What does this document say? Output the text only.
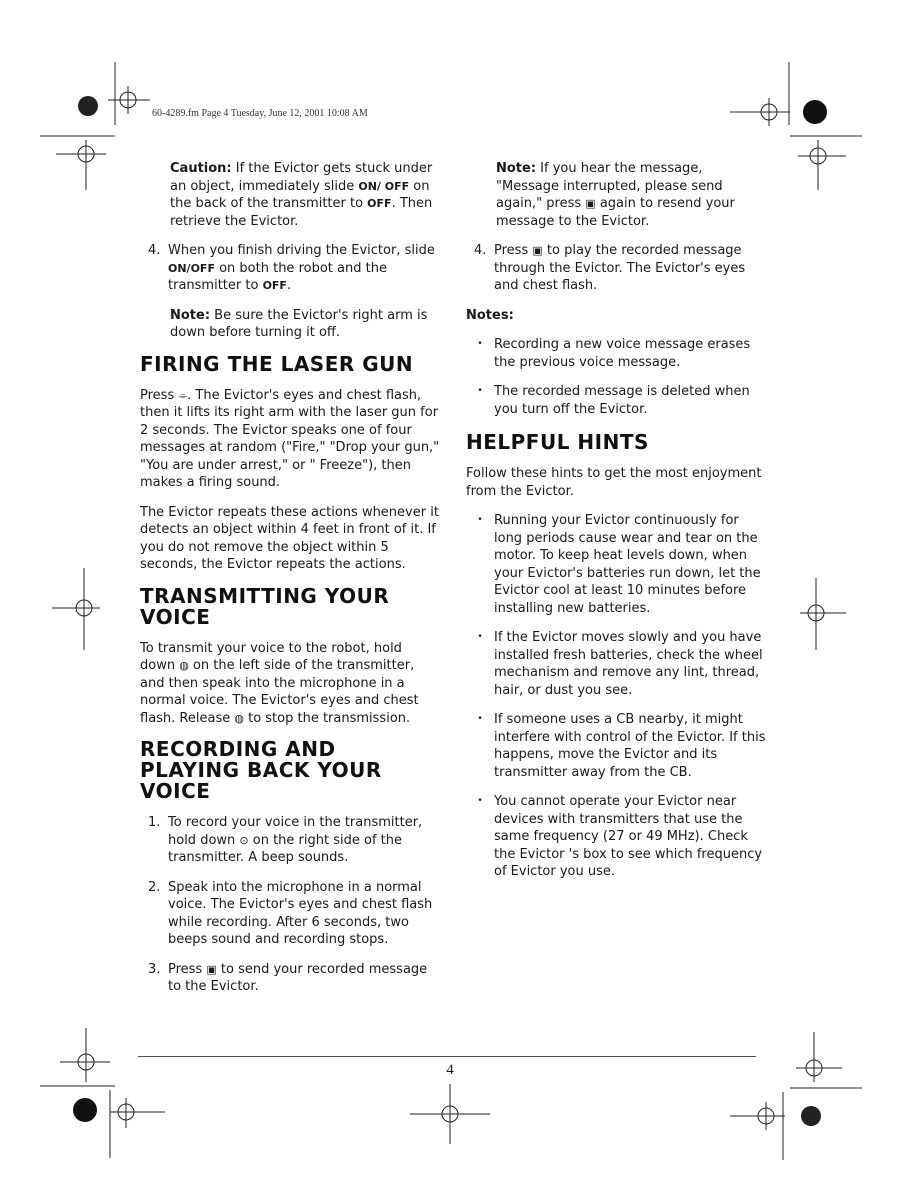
60-4289.fm Page 4 Tuesday, June 12, 2001 10:08 AM

Caution: If the Evictor gets stuck under an object, immediately slide ON/ OFF on the back of the transmitter to OFF. Then retrieve the Evictor.

4. When you finish driving the Evictor, slide ON/OFF on both the robot and the transmitter to OFF.

Note: Be sure the Evictor's right arm is down before turning it off.

FIRING THE LASER GUN

Press ⌯. The Evictor's eyes and chest flash, then it lifts its right arm with the laser gun for 2 seconds. The Evictor speaks one of four messages at random ("Fire," "Drop your gun," "You are under arrest," or " Freeze"), then makes a firing sound.

The Evictor repeats these actions whenever it detects an object within 4 feet in front of it. If you do not remove the object within 5 seconds, the Evictor repeats the actions.

TRANSMITTING YOUR VOICE

To transmit your voice to the robot, hold down ◍ on the left side of the transmitter, and then speak into the microphone in a normal voice. The Evictor's eyes and chest flash. Release ◍ to stop the transmission.

RECORDING AND PLAYING BACK YOUR VOICE
1. To record your voice in the transmitter, hold down ⊙ on the right side of the transmitter. A beep sounds.
2. Speak into the microphone in a normal voice. The Evictor's eyes and chest flash while recording. After 6 seconds, two beeps sound and recording stops.
3. Press ▣ to send your recorded message to the Evictor.

Note: If you hear the message, "Message interrupted, please send again," press ▣ again to resend your message to the Evictor.

4. Press ▣ to play the recorded message through the Evictor. The Evictor's eyes and chest flash.

Notes:

• Recording a new voice message erases the previous voice message.
• The recorded message is deleted when you turn off the Evictor.
HELPFUL HINTS

Follow these hints to get the most enjoyment from the Evictor.

• Running your Evictor continuously for long periods cause wear and tear on the motor. To keep heat levels down, when your Evictor's batteries run down, let the Evictor cool at least 10 minutes before installing new batteries.
• If the Evictor moves slowly and you have installed fresh batteries, check the wheel mechanism and remove any lint, thread, hair, or dust you see.
• If someone uses a CB nearby, it might interfere with control of the Evictor. If this happens, move the Evictor and its transmitter away from the CB.
• You cannot operate your Evictor near devices with transmitters that use the same frequency (27 or 49 MHz). Check the Evictor 's box to see which frequency of Evictor you use.
4
